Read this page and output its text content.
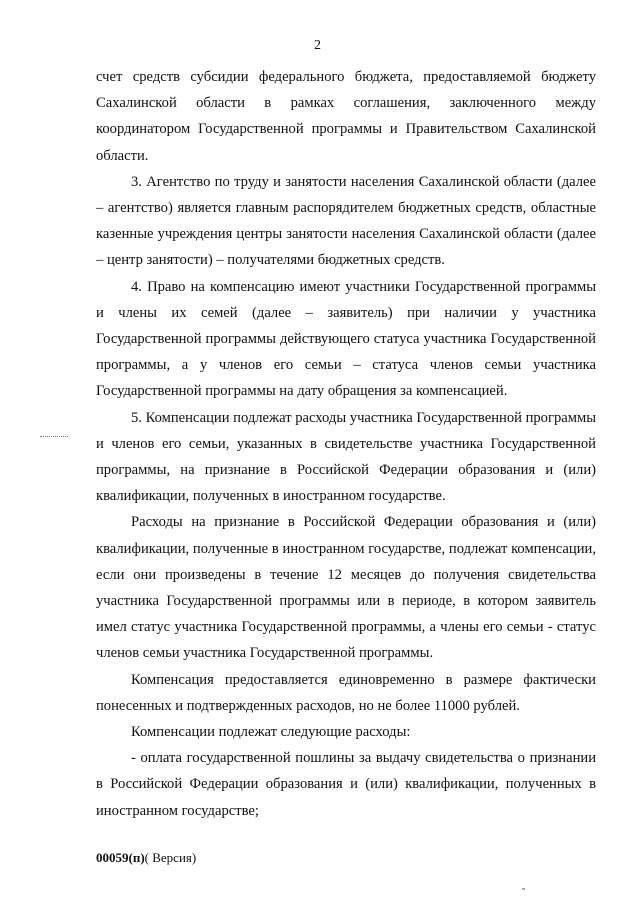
2

счет средств субсидии федерального бюджета, предоставляемой бюджету Сахалинской области в рамках соглашения, заключенного между координатором Государственной программы и Правительством Сахалинской области.

3. Агентство по труду и занятости населения Сахалинской области (далее – агентство) является главным распорядителем бюджетных средств, областные казенные учреждения центры занятости населения Сахалинской области (далее – центр занятости) – получателями бюджетных средств.

4. Право на компенсацию имеют участники Государственной программы и члены их семей (далее – заявитель) при наличии у участника Государственной программы действующего статуса участника Государственной программы, а у членов его семьи – статуса членов семьи участника Государственной программы на дату обращения за компенсацией.

5. Компенсации подлежат расходы участника Государственной программы и членов его семьи, указанных в свидетельстве участника Государственной программы, на признание в Российской Федерации образования и (или) квалификации, полученных в иностранном государстве.

Расходы на признание в Российской Федерации образования и (или) квалификации, полученные в иностранном государстве, подлежат компенсации, если они произведены в течение 12 месяцев до получения свидетельства участника Государственной программы или в периоде, в котором заявитель имел статус участника Государственной программы, а члены его семьи - статус членов семьи участника Государственной программы.

Компенсация предоставляется единовременно в размере фактически понесенных и подтвержденных расходов, но не более 11000 рублей.

Компенсации подлежат следующие расходы:

- оплата государственной пошлины за выдачу свидетельства о признании в Российской Федерации образования и (или) квалификации, полученных в иностранном государстве;

00059(п)( Версия)
